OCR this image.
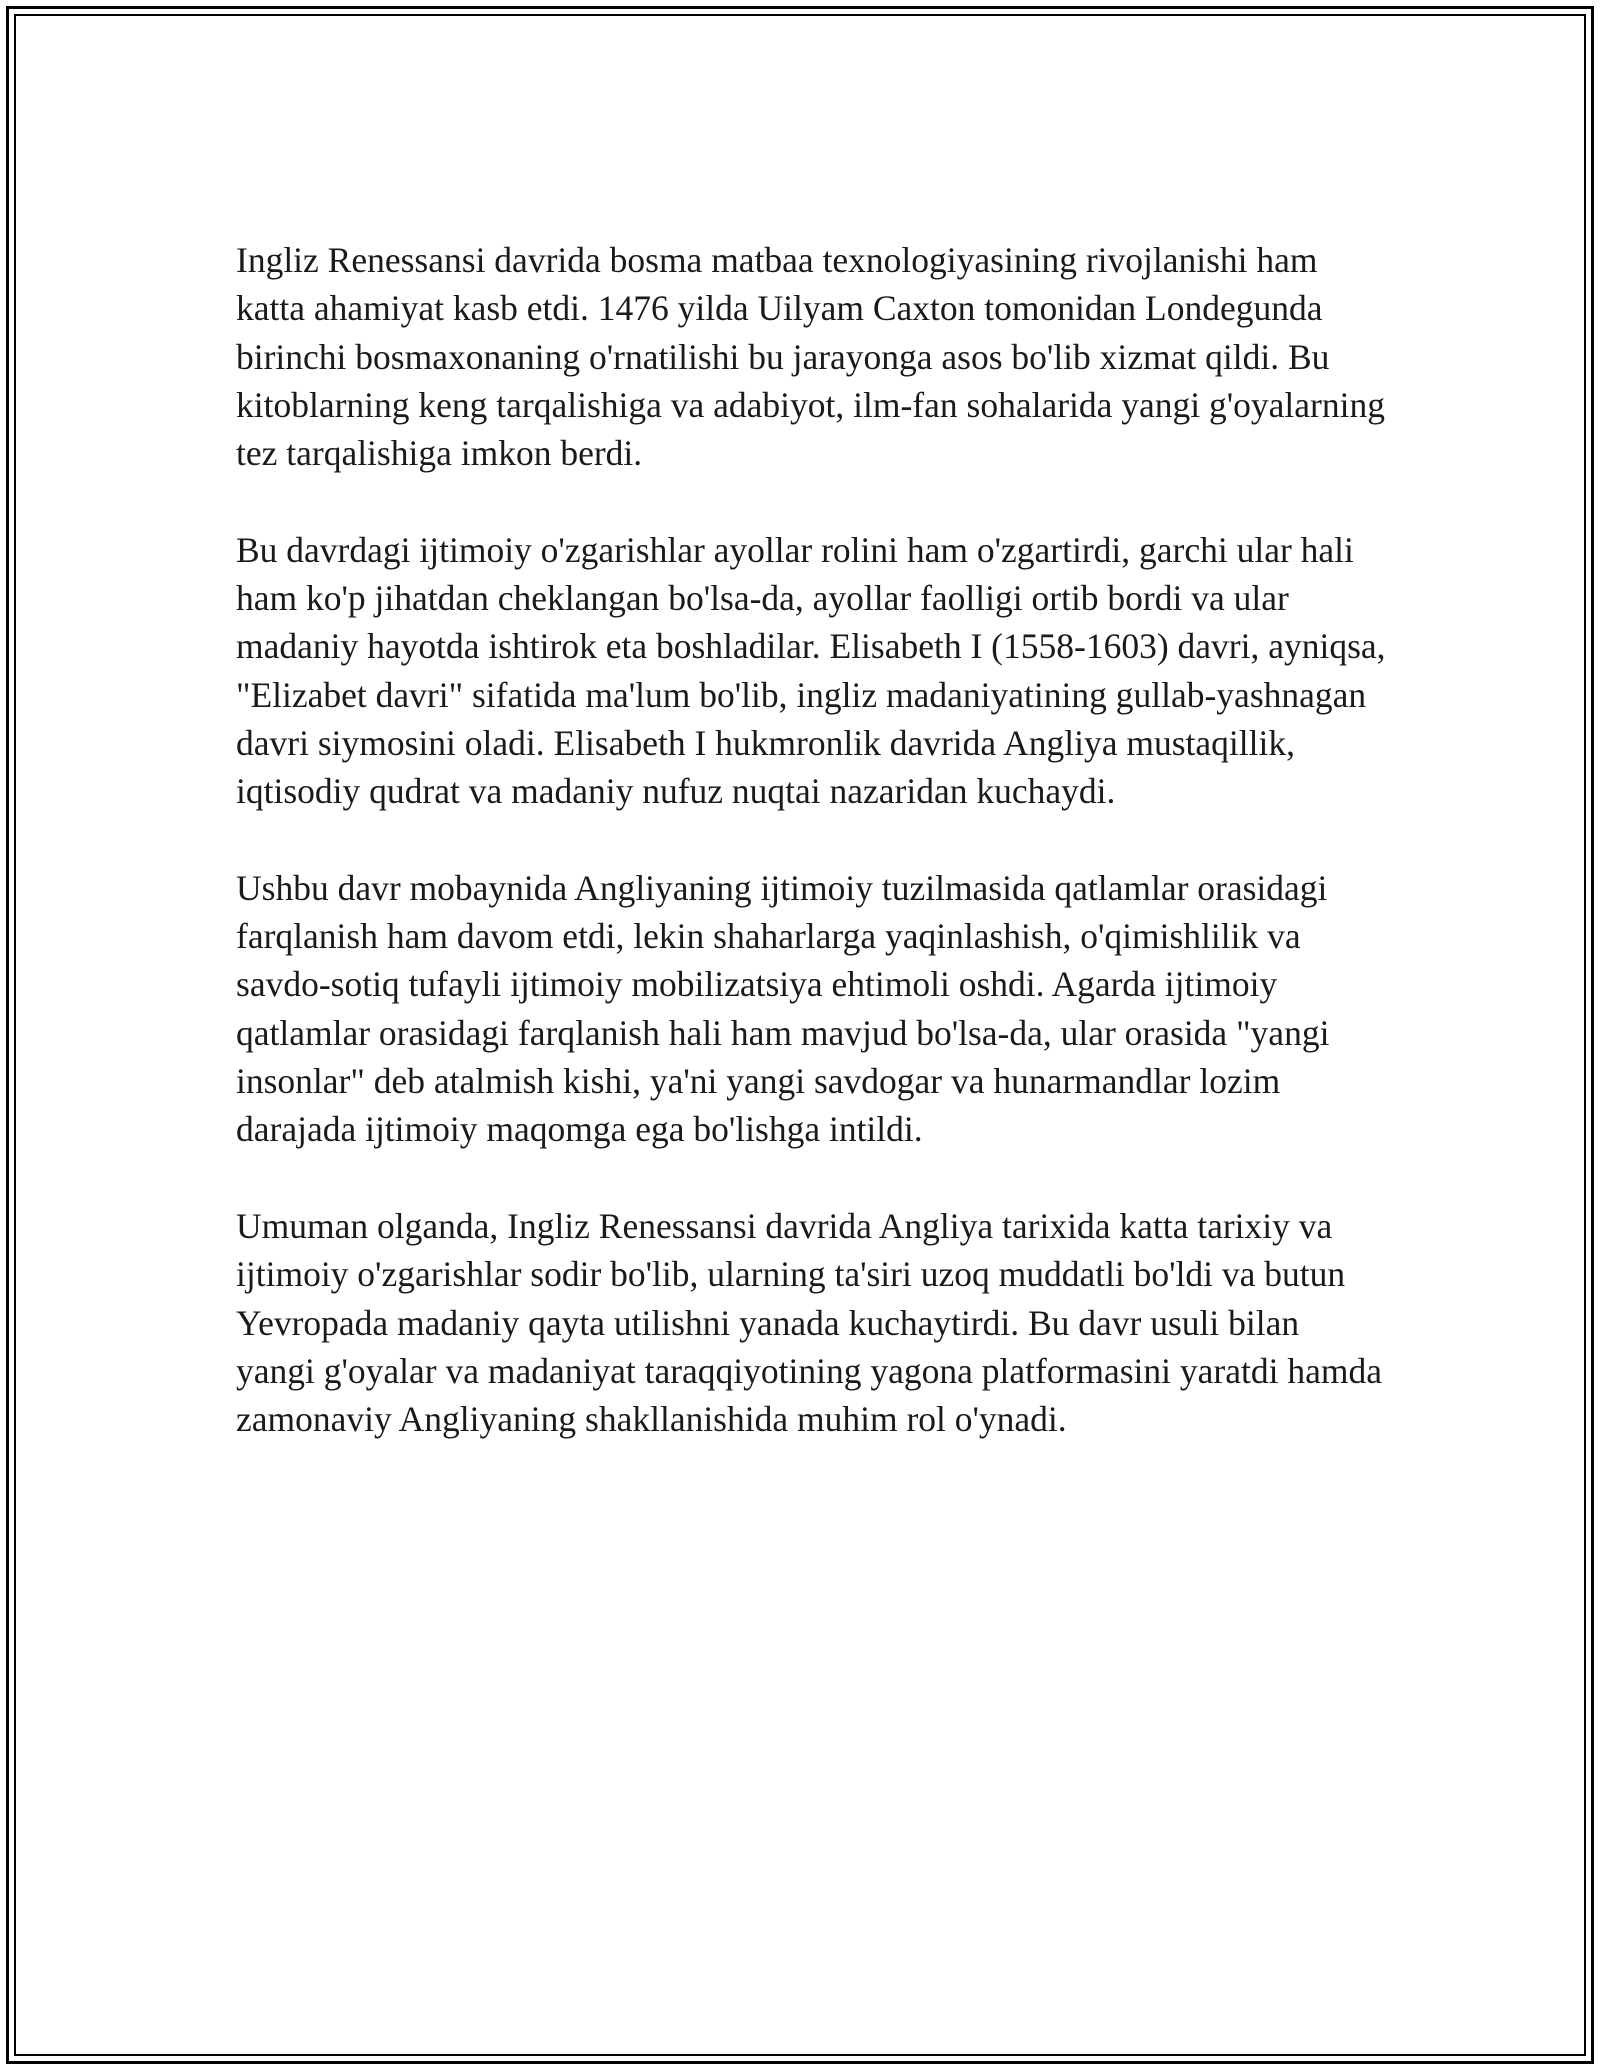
Ingliz Renessansi davrida bosma matbaa texnologiyasining rivojlanishi ham katta ahamiyat kasb etdi. 1476 yilda Uilyam Caxton tomonidan Londegunda birinchi bosmaxonaning o'rnatilishi bu jarayonga asos bo'lib xizmat qildi. Bu kitoblarning keng tarqalishiga va adabiyot, ilm-fan sohalarida yangi g'oyalarning tez tarqalishiga imkon berdi.

Bu davrdagi ijtimoiy o'zgarishlar ayollar rolini ham o'zgartirdi, garchi ular hali ham ko'p jihatdan cheklangan bo'lsa-da, ayollar faolligi ortib bordi va ular madaniy hayotda ishtirok eta boshladilar. Elisabeth I (1558-1603) davri, ayniqsa, "Elizabet davri" sifatida ma'lum bo'lib, ingliz madaniyatining gullab-yashnagan davri siymosini oladi. Elisabeth I hukmronlik davrida Angliya mustaqillik, iqtisodiy qudrat va madaniy nufuz nuqtai nazaridan kuchaydi.

Ushbu davr mobaynida Angliyaning ijtimoiy tuzilmasida qatlamlar orasidagi farqlanish ham davom etdi, lekin shaharlarga yaqinlashish, o'qimishlilik va savdo-sotiq tufayli ijtimoiy mobilizatsiya ehtimoli oshdi. Agarda ijtimoiy qatlamlar orasidagi farqlanish hali ham mavjud bo'lsa-da, ular orasida "yangi insonlar" deb atalmish kishi, ya'ni yangi savdogar va hunarmandlar lozim darajada ijtimoiy maqomga ega bo'lishga intildi.

Umuman olganda, Ingliz Renessansi davrida Angliya tarixida katta tarixiy va ijtimoiy o'zgarishlar sodir bo'lib, ularning ta'siri uzoq muddatli bo'ldi va butun Yevropada madaniy qayta utilishni yanada kuchaytirdi. Bu davr usuli bilan yangi g'oyalar va madaniyat taraqqiyotining yagona platformasini yaratdi hamda zamonaviy Angliyaning shakllanishida muhim rol o'ynadi.
